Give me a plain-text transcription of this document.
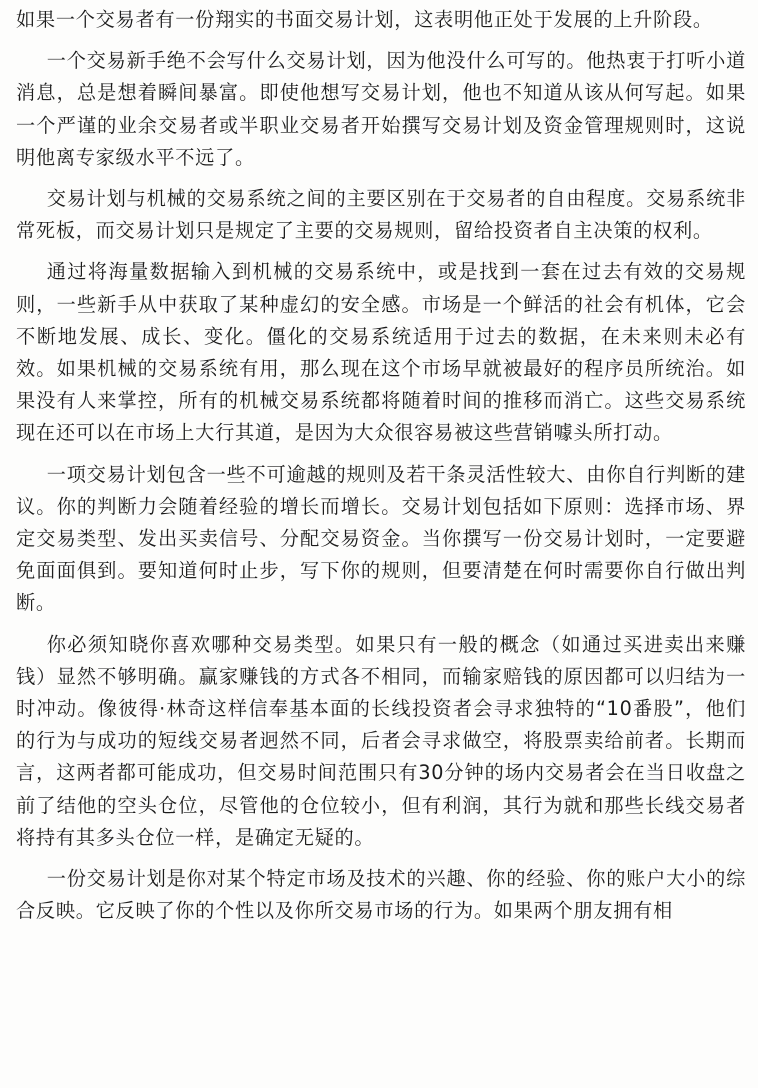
如果一个交易者有一份翔实的书面交易计划，这表明他正处于发展的上升阶段。

一个交易新手绝不会写什么交易计划，因为他没什么可写的。他热衷于打听小道消息，总是想着瞬间暴富。即使他想写交易计划，他也不知道从该从何写起。如果一个严谨的业余交易者或半职业交易者开始撰写交易计划及资金管理规则时，这说明他离专家级水平不远了。

交易计划与机械的交易系统之间的主要区别在于交易者的自由程度。交易系统非常死板，而交易计划只是规定了主要的交易规则，留给投资者自主决策的权利。

通过将海量数据输入到机械的交易系统中，或是找到一套在过去有效的交易规则，一些新手从中获取了某种虚幻的安全感。市场是一个鲜活的社会有机体，它会不断地发展、成长、变化。僵化的交易系统适用于过去的数据，在未来则未必有效。如果机械的交易系统有用，那么现在这个市场早就被最好的程序员所统治。如果没有人来掌控，所有的机械交易系统都将随着时间的推移而消亡。这些交易系统现在还可以在市场上大行其道，是因为大众很容易被这些营销噱头所打动。

一项交易计划包含一些不可逾越的规则及若干条灵活性较大、由你自行判断的建议。你的判断力会随着经验的增长而增长。交易计划包括如下原则：选择市场、界定交易类型、发出买卖信号、分配交易资金。当你撰写一份交易计划时，一定要避免面面俱到。要知道何时止步，写下你的规则，但要清楚在何时需要你自行做出判断。

你必须知晓你喜欢哪种交易类型。如果只有一般的概念（如通过买进卖出来赚钱）显然不够明确。赢家赚钱的方式各不相同，而输家赔钱的原因都可以归结为一时冲动。像彼得·林奇这样信奉基本面的长线投资者会寻求独特的“10番股”，他们的行为与成功的短线交易者迥然不同，后者会寻求做空，将股票卖给前者。长期而言，这两者都可能成功，但交易时间范围只有30分钟的场内交易者会在当日收盘之前了结他的空头仓位，尽管他的仓位较小，但有利润，其行为就和那些长线交易者将持有其多头仓位一样，是确定无疑的。

一份交易计划是你对某个特定市场及技术的兴趣、你的经验、你的账户大小的综合反映。它反映了你的个性以及你所交易市场的行为。如果两个朋友拥有相
